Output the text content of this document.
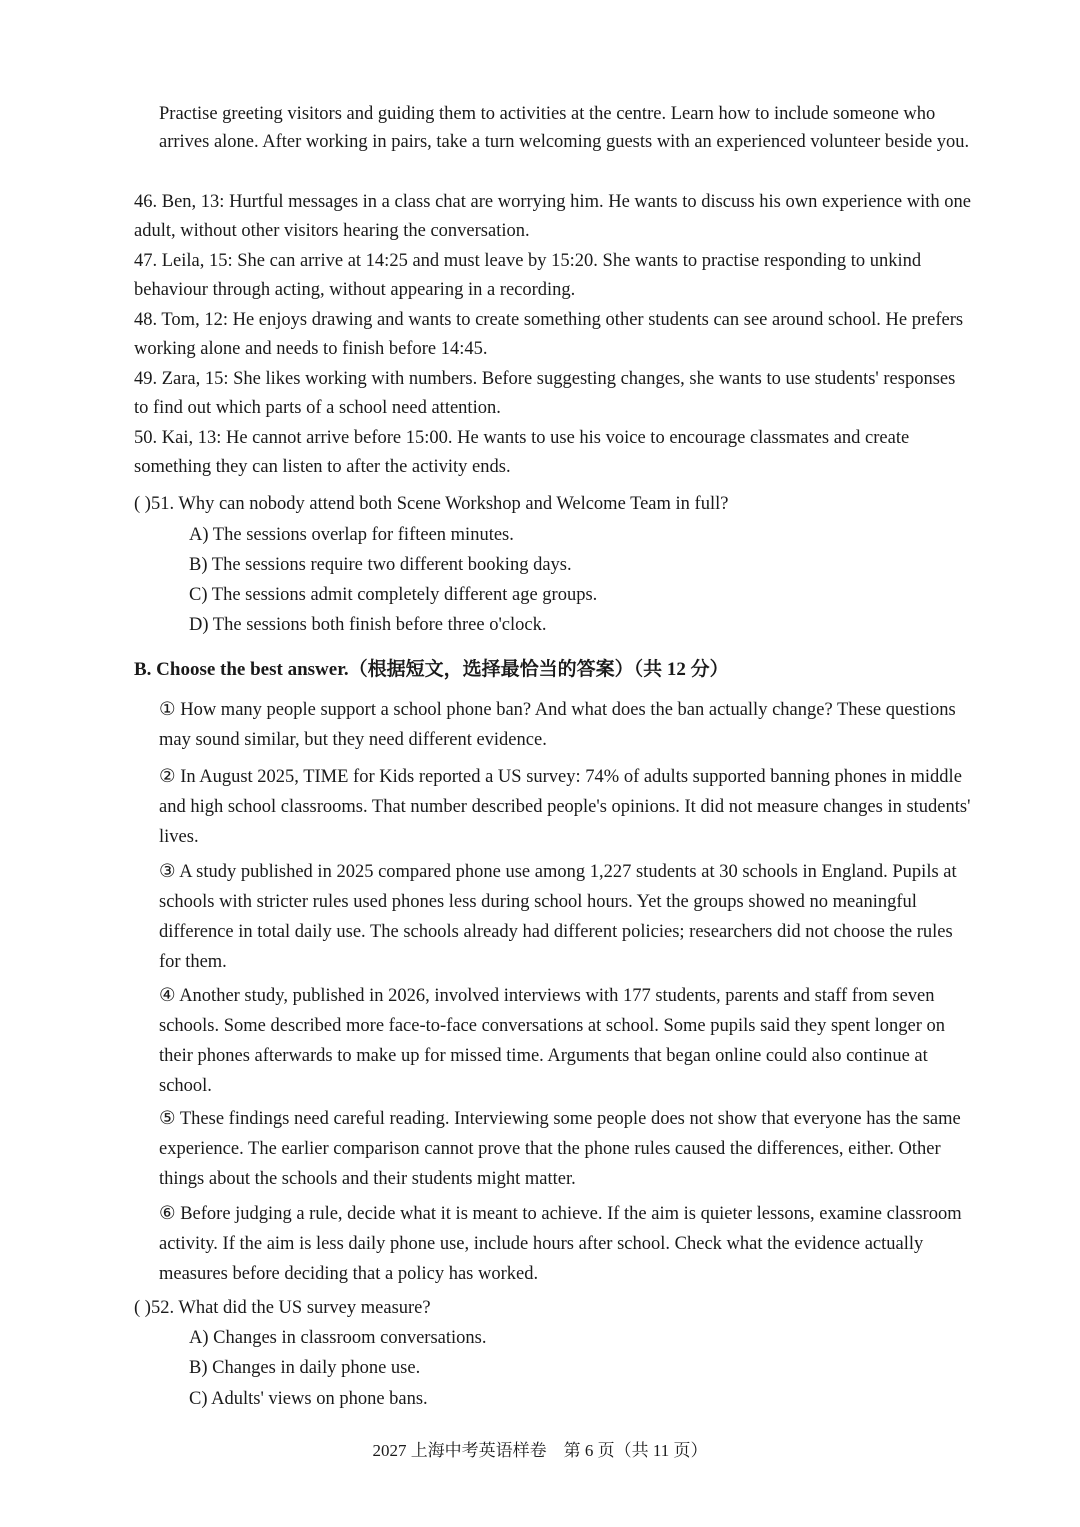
Practise greeting visitors and guiding them to activities at the centre. Learn how to include someone who arrives alone. After working in pairs, take a turn welcoming guests with an experienced volunteer beside you.
46. Ben, 13: Hurtful messages in a class chat are worrying him. He wants to discuss his own experience with one adult, without other visitors hearing the conversation.
47. Leila, 15: She can arrive at 14:25 and must leave by 15:20. She wants to practise responding to unkind behaviour through acting, without appearing in a recording.
48. Tom, 12: He enjoys drawing and wants to create something other students can see around school. He prefers working alone and needs to finish before 14:45.
49. Zara, 15: She likes working with numbers. Before suggesting changes, she wants to use students' responses to find out which parts of a school need attention.
50. Kai, 13: He cannot arrive before 15:00. He wants to use his voice to encourage classmates and create something they can listen to after the activity ends.
( )51. Why can nobody attend both Scene Workshop and Welcome Team in full?
A) The sessions overlap for fifteen minutes.
B) The sessions require two different booking days.
C) The sessions admit completely different age groups.
D) The sessions both finish before three o'clock.
B. Choose the best answer.（根据短文，选择最恰当的答案）（共 12 分）
① How many people support a school phone ban? And what does the ban actually change? These questions may sound similar, but they need different evidence.
② In August 2025, TIME for Kids reported a US survey: 74% of adults supported banning phones in middle and high school classrooms. That number described people's opinions. It did not measure changes in students' lives.
③ A study published in 2025 compared phone use among 1,227 students at 30 schools in England. Pupils at schools with stricter rules used phones less during school hours. Yet the groups showed no meaningful difference in total daily use. The schools already had different policies; researchers did not choose the rules for them.
④ Another study, published in 2026, involved interviews with 177 students, parents and staff from seven schools. Some described more face-to-face conversations at school. Some pupils said they spent longer on their phones afterwards to make up for missed time. Arguments that began online could also continue at school.
⑤ These findings need careful reading. Interviewing some people does not show that everyone has the same experience. The earlier comparison cannot prove that the phone rules caused the differences, either. Other things about the schools and their students might matter.
⑥ Before judging a rule, decide what it is meant to achieve. If the aim is quieter lessons, examine classroom activity. If the aim is less daily phone use, include hours after school. Check what the evidence actually measures before deciding that a policy has worked.
( )52. What did the US survey measure?
A) Changes in classroom conversations.
B) Changes in daily phone use.
C) Adults' views on phone bans.
2027 上海中考英语样卷　第 6 页（共 11 页）
